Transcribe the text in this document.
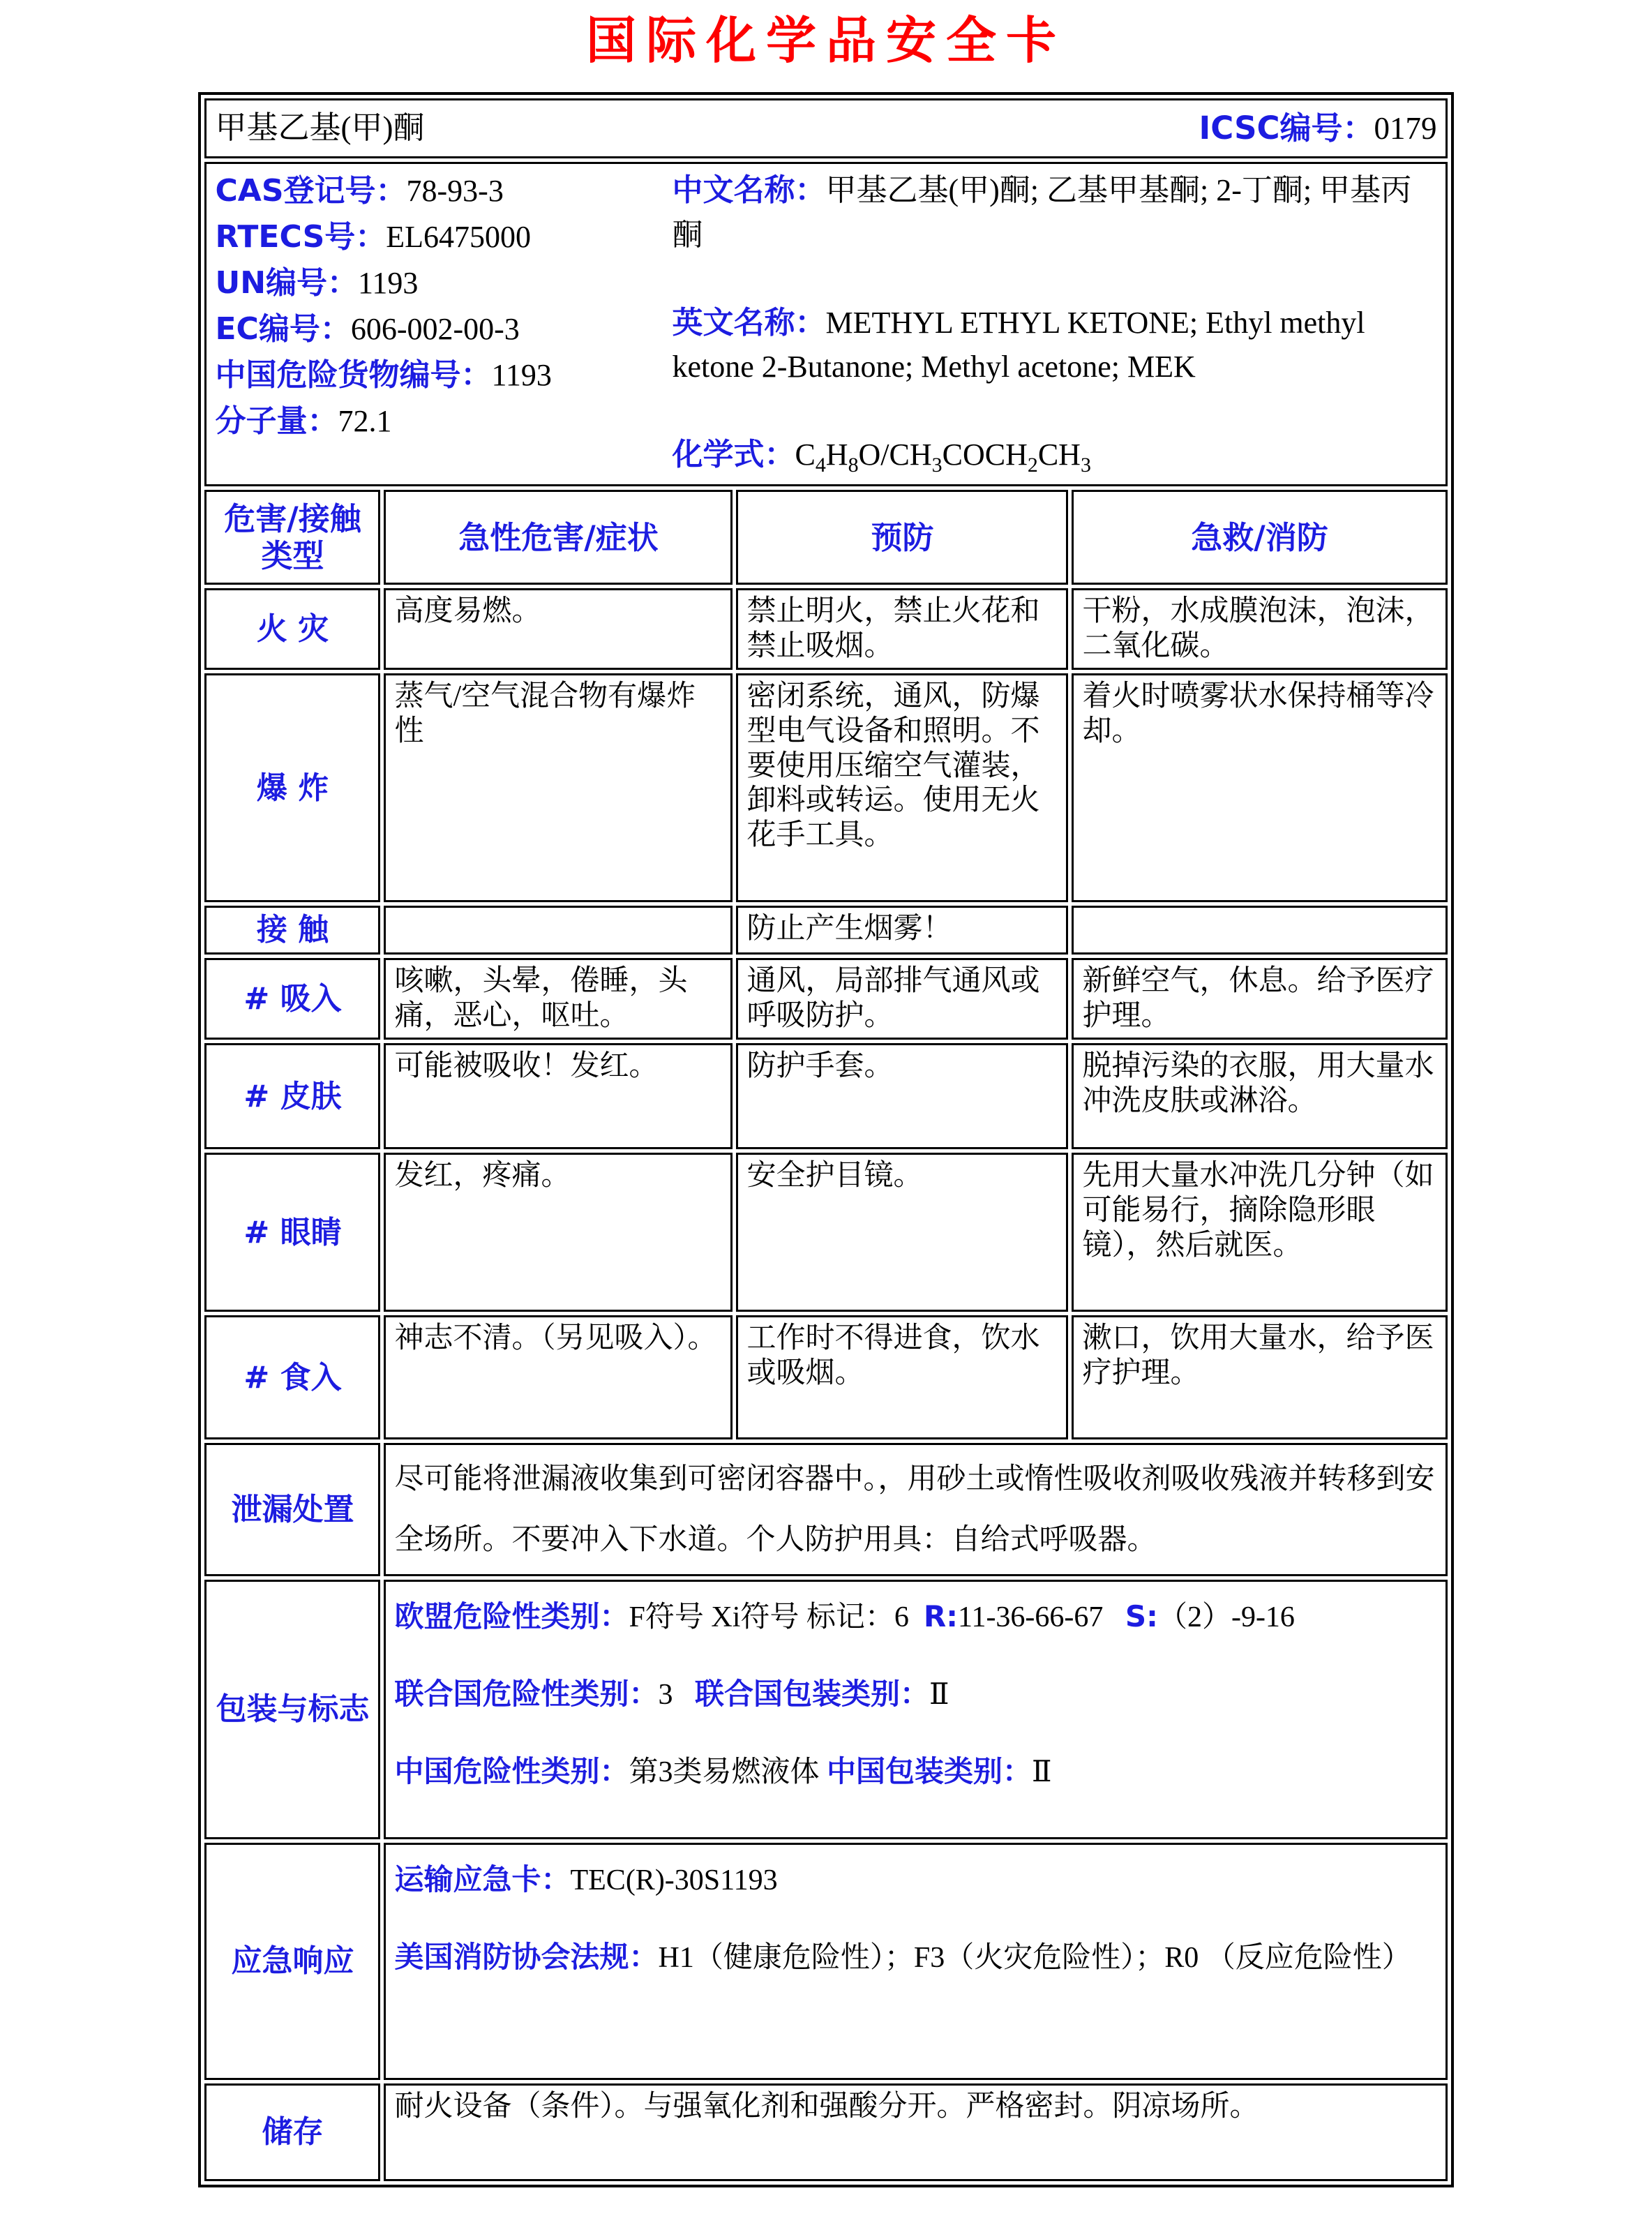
国际化学品安全卡
甲基乙基(甲)酮 ICSC编号：0179			

CAS登记号：78-93-3
RTECS号：EL6475000
UN编号：1193
EC编号：606-002-00-3
中国危险货物编号：1193
分子量：72.1
中文名称：甲基乙基(甲)酮; 乙基甲基酮; 2-丁酮; 甲基丙酮
英文名称：METHYL ETHYL KETONE; Ethyl methyl ketone 2-Butanone; Methyl acetone; MEK
化学式：$C_4H_8O/CH_3COCH_2CH_3$

危害/接触类型	急性危害/症状	预防	急救/消防
火 灾	高度易燃。	禁止明火，禁止火花和禁止吸烟。	干粉，水成膜泡沫，泡沫，二氧化碳。
爆 炸	蒸气/空气混合物有爆炸性	密闭系统，通风，防爆型电气设备和照明。不要使用压缩空气灌装，卸料或转运。使用无火花手工具。	着火时喷雾状水保持桶等冷却。
接 触		防止产生烟雾！	
# 吸入	咳嗽，头晕，倦睡，头痛，恶心，呕吐。	通风，局部排气通风或呼吸防护。	新鲜空气，休息。给予医疗护理。
# 皮肤	可能被吸收！发红。	防护手套。	脱掉污染的衣服，用大量水冲洗皮肤或淋浴。
# 眼睛	发红，疼痛。	安全护目镜。	先用大量水冲洗几分钟（如可能易行，摘除隐形眼镜），然后就医。
# 食入	神志不清。（另见吸入）。	工作时不得进食，饮水或吸烟。	漱口，饮用大量水，给予医疗护理。
泄漏处置	尽可能将泄漏液收集到可密闭容器中。，用砂土或惰性吸收剂吸收残液并转移到安全场所。不要冲入下水道。个人防护用具：自给式呼吸器。		
包装与标志	欧盟危险性类别：F符号 Xi符号 标记：6  R:11-36-66-67   S:（2）-9-16

联合国危险性类别：3   联合国包装类别：Ⅱ

中国危险性类别：第3类易燃液体 中国包装类别：Ⅱ		

应急响应	运输应急卡：TEC(R)-30S1193

美国消防协会法规：H1（健康危险性）；F3（火灾危险性）；R0 （反应危险性）		

储存	耐火设备（条件）。与强氧化剂和强酸分开。严格密封。阴凉场所。		
